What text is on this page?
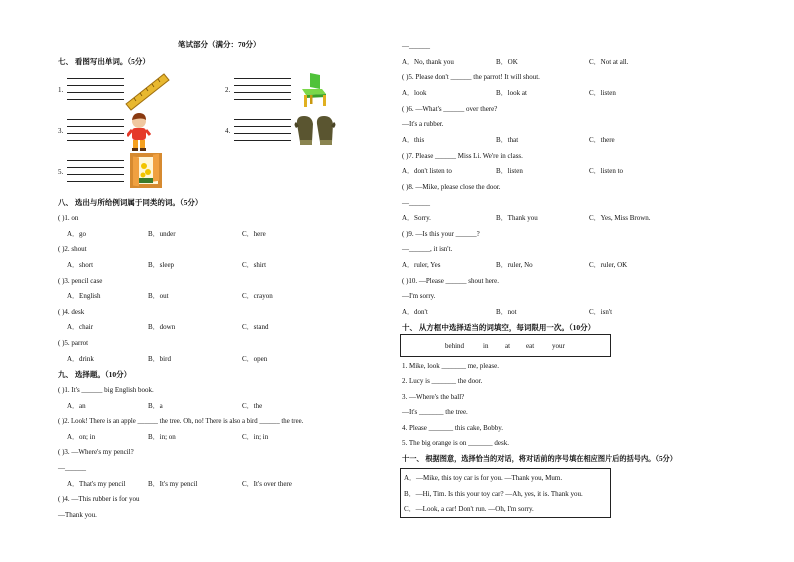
笔试部分（满分：70分）
七、 看图写出单词。（5分）
1.	2.
3.	4.
5.
八、 选出与所给例词属于同类的词。（5分）
( )1. on
A．go	B．under	C．here
( )2. shout
A．short	B．sleep	C．shirt
( )3. pencil case
A．English	B．out	C．crayon
( )4. desk
A．chair	B．down	C．stand
( )5. parrot
A．drink	B．bird	C．open
九、 选择题。（10分）
( )1. It's ______ big English book.
A．an	B．a	C．the
( )2. Look! There is an apple ______ the tree. Oh, no! There is also a bird ______ the tree.
A．on; in	B．in; on	C．in; in
( )3. —Where's my pencil?
—______
A．That's my pencil	B．It's my pencil	C．It's over there
( )4. —This rubber is for you
—Thank you.
—______
A．No, thank you	B．OK	C．Not at all.
( )5. Please don't ______ the parrot! It will shout.
A．look	B．look at	C．listen
( )6. —What's ______ over there?
—It's a rubber.
A．this	B．that	C．there
( )7. Please ______ Miss Li. We're in class.
A．don't listen to	B．listen	C．listen to
( )8. —Mike, please close the door.
—______
A．Sorry.	B．Thank you	C．Yes, Miss Brown.
( )9. —Is this your ______?
—______, it isn't.
A．ruler, Yes	B．ruler, No	C．ruler, OK
( )10. —Please ______ shout here.
—I'm sorry.
A．don't	B．not	C．isn't
十、 从方框中选择适当的词填空，每词限用一次。（10分）
behind	in at eat	your
1. Mike, look _______ me, please.
2. Lucy is _______ the door.
3. —Where's the ball?
—It's _______ the tree.
4. Please _______ this cake, Bobby.
5. The big orange is on _______ desk.
十一、 根据图意，选择恰当的对话，将对话前的序号填在相应图片后的括号内。（5分）
A．—Mike, this toy car is for you. —Thank you, Mum.
B．—Hi, Tim. Is this your toy car? —Ah, yes, it is. Thank you.
C．—Look, a car! Don't run. —Oh, I'm sorry.
